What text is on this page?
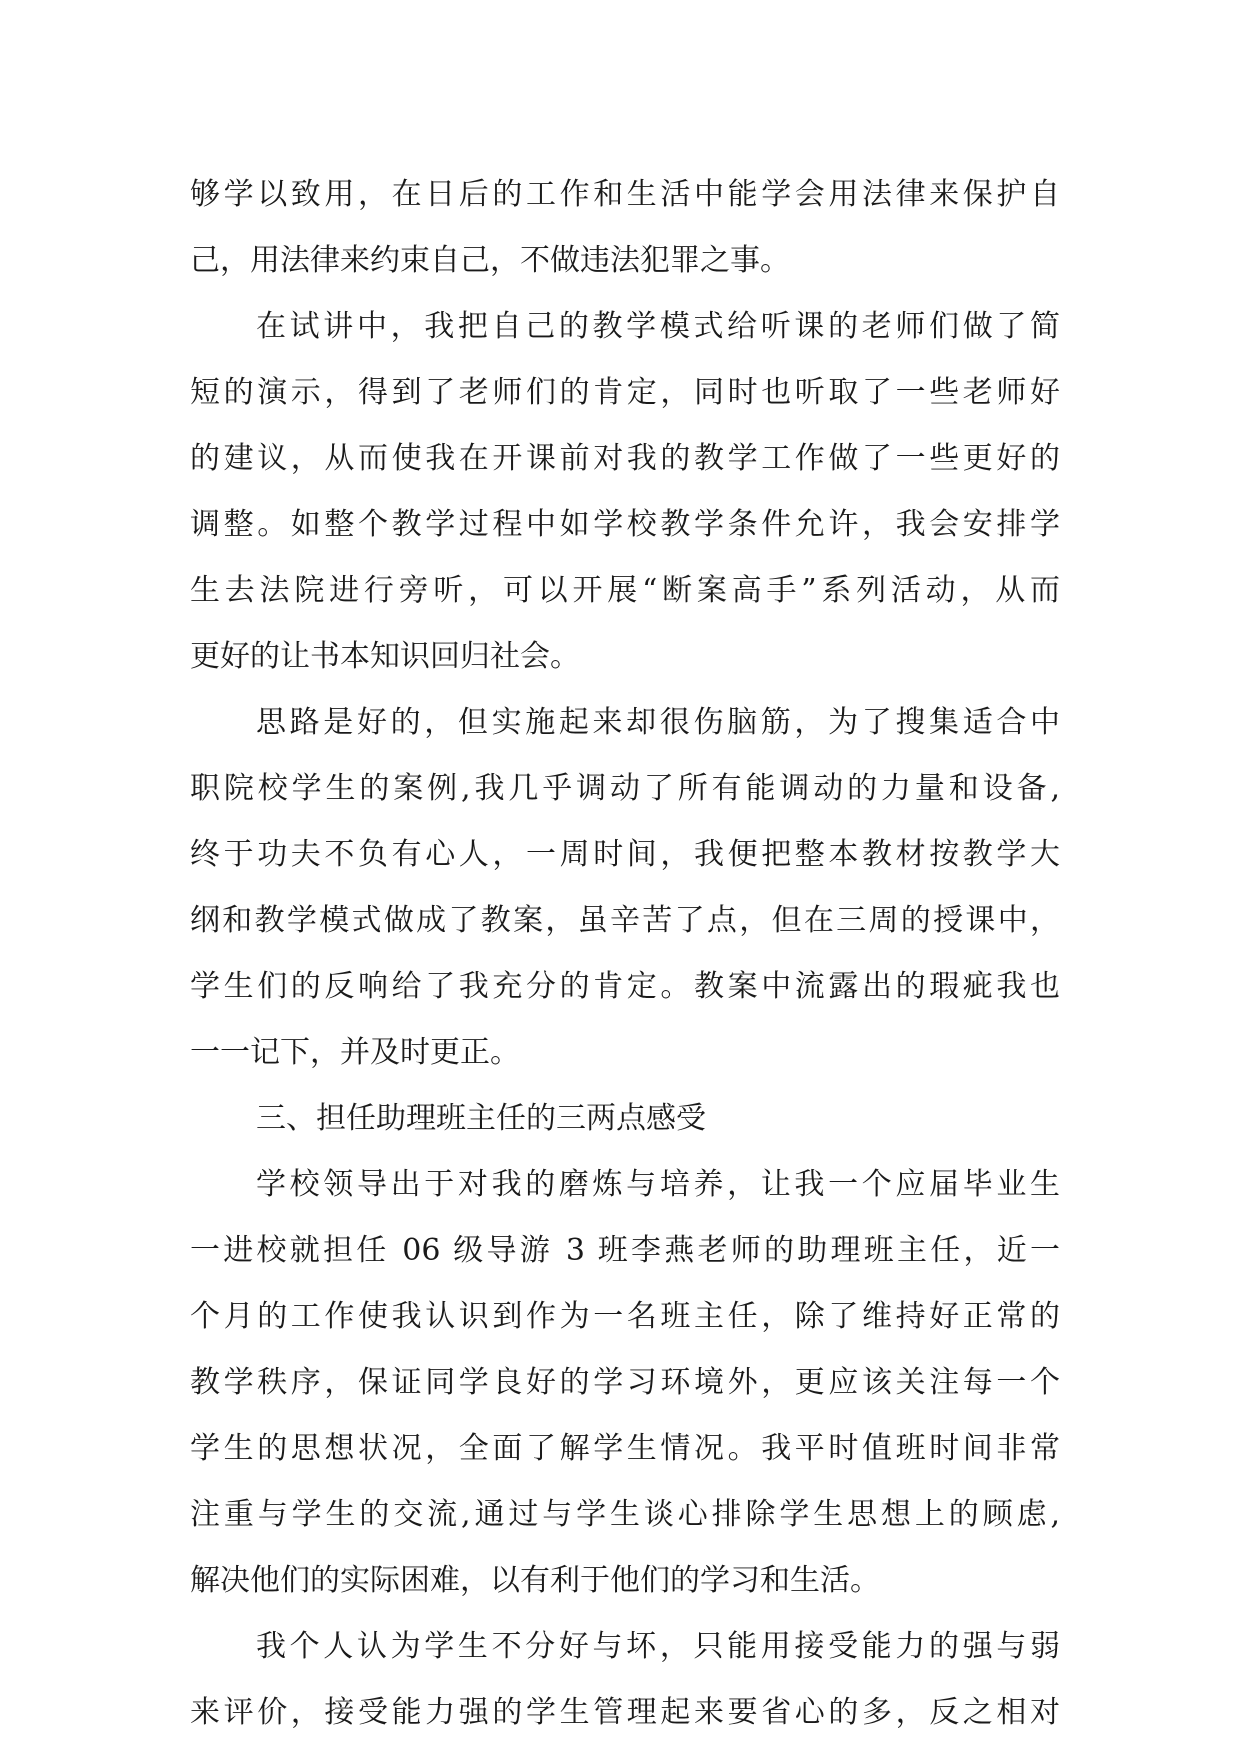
够学以致用，在日后的工作和生活中能学会用法律来保护自
己，用法律来约束自己，不做违法犯罪之事。
在试讲中，我把自己的教学模式给听课的老师们做了简
短的演示，得到了老师们的肯定，同时也听取了一些老师好
的建议，从而使我在开课前对我的教学工作做了一些更好的
调整。如整个教学过程中如学校教学条件允许，我会安排学
生去法院进行旁听，可以开展“断案高手”系列活动，从而
更好的让书本知识回归社会。
思路是好的，但实施起来却很伤脑筋，为了搜集适合中
职院校学生的案例,我几乎调动了所有能调动的力量和设备,
终于功夫不负有心人，一周时间，我便把整本教材按教学大
纲和教学模式做成了教案，虽辛苦了点，但在三周的授课中，
学生们的反响给了我充分的肯定。教案中流露出的瑕疵我也
一一记下，并及时更正。
三、担任助理班主任的三两点感受
学校领导出于对我的磨炼与培养，让我一个应届毕业生
一进校就担任 06 级导游 3 班李燕老师的助理班主任，近一
个月的工作使我认识到作为一名班主任，除了维持好正常的
教学秩序，保证同学良好的学习环境外，更应该关注每一个
学生的思想状况，全面了解学生情况。我平时值班时间非常
注重与学生的交流,通过与学生谈心排除学生思想上的顾虑,
解决他们的实际困难，以有利于他们的学习和生活。
我个人认为学生不分好与坏，只能用接受能力的强与弱
来评价，接受能力强的学生管理起来要省心的多，反之相对
